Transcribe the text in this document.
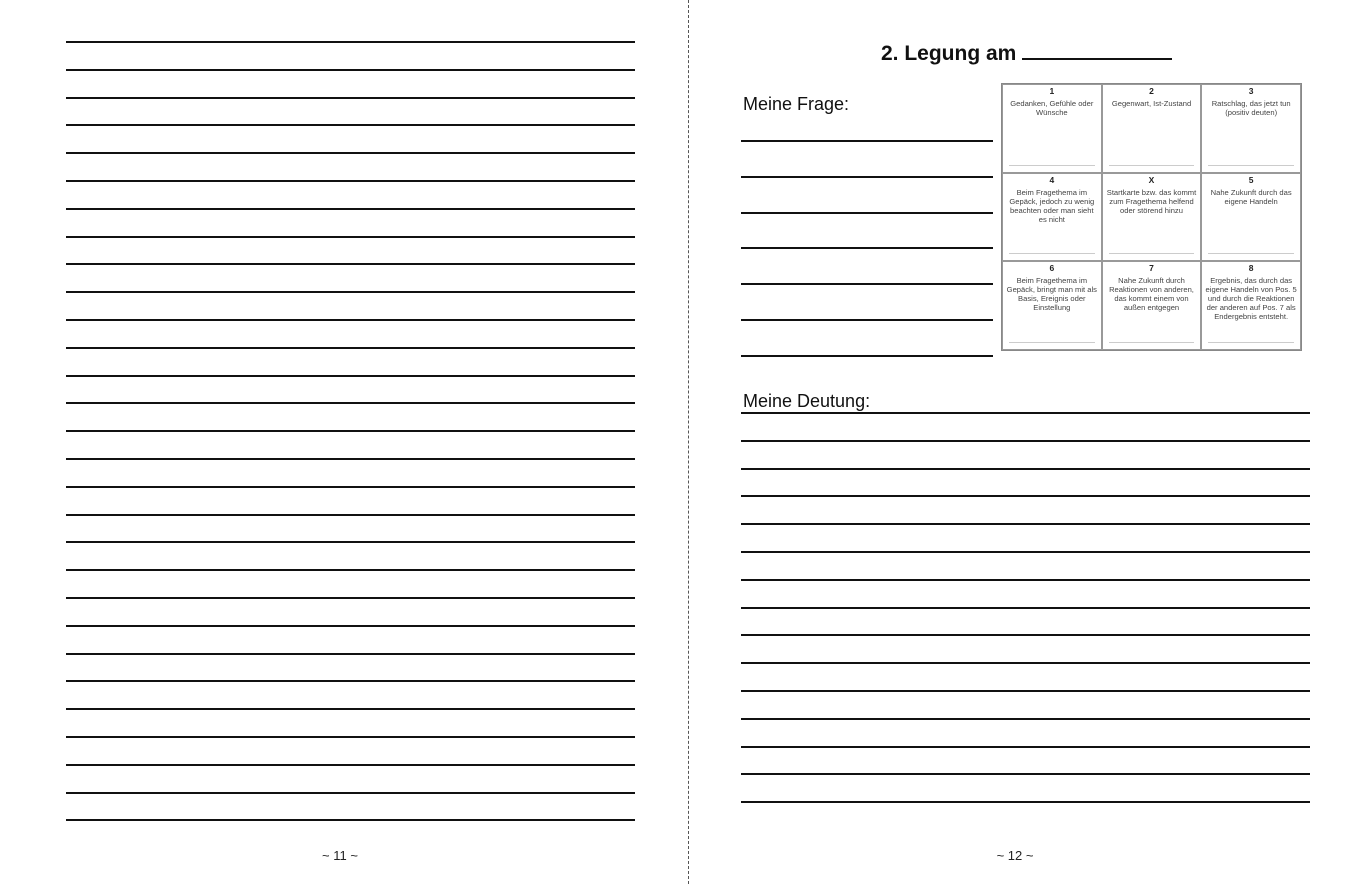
~ 11 ~
2. Legung am
Meine Frage:
1
Gedanken, Gefühle oder Wünsche
2
Gegenwart, Ist-Zustand
3
Ratschlag, das jetzt tun (positiv deuten)
4
Beim Fragethema im Gepäck, jedoch zu wenig beachten oder man sieht es nicht
X
Startkarte bzw. das kommt zum Fragethema helfend oder störend hinzu
5
Nahe Zukunft durch das eigene Handeln
6
Beim Fragethema im Gepäck, bringt man mit als Basis, Ereignis oder Einstellung
7
Nahe Zukunft durch Reaktionen von anderen, das kommt einem von außen entgegen
8
Ergebnis, das durch das eigene Handeln von Pos. 5 und durch die Reaktionen der anderen auf Pos. 7 als Endergebnis entsteht.
Meine Deutung:
~ 12 ~
